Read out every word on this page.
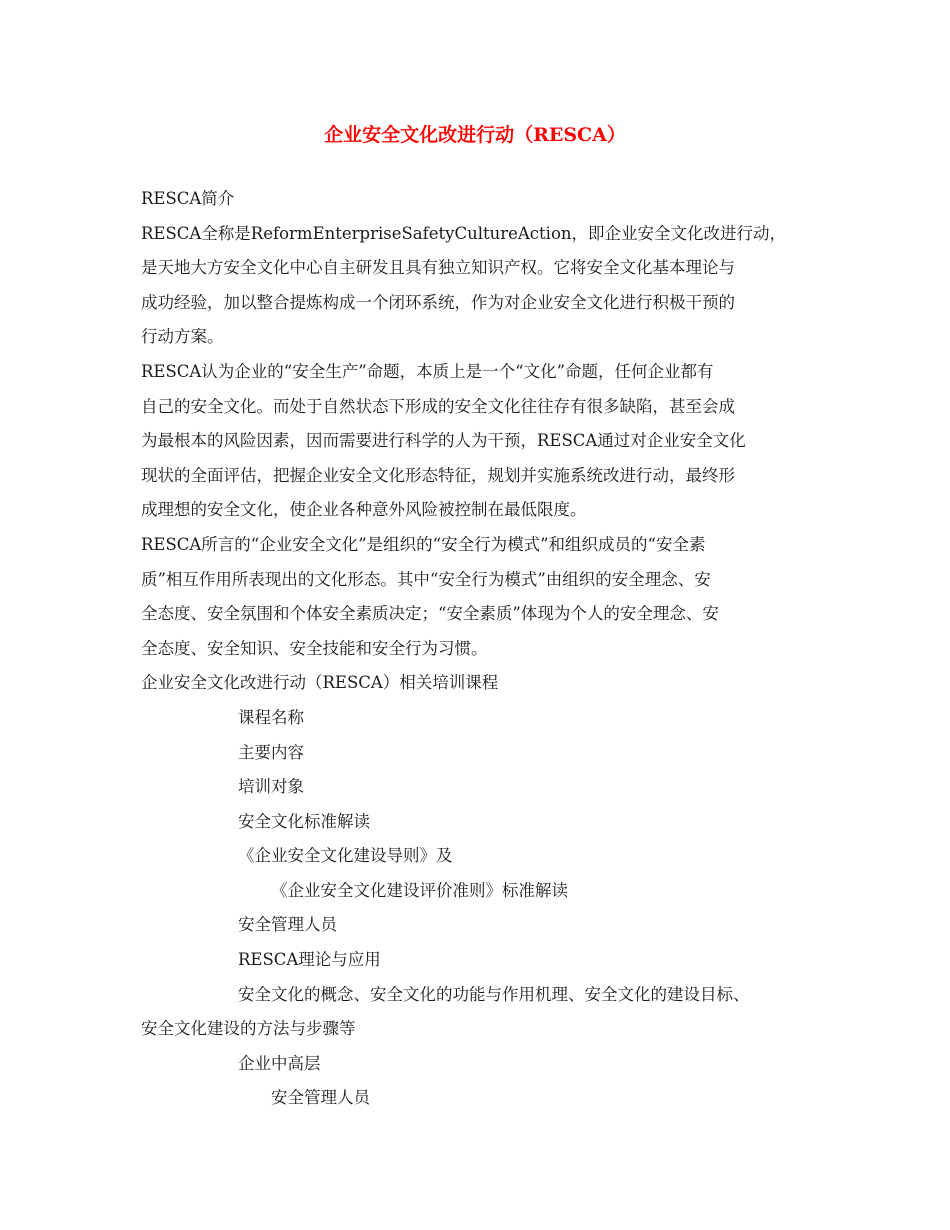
企业安全文化改进行动（RESCA）
RESCA简介
RESCA全称是ReformEnterpriseSafetyCultureAction，即企业安全文化改进行动，
是天地大方安全文化中心自主研发且具有独立知识产权。它将安全文化基本理论与
成功经验，加以整合提炼构成一个闭环系统，作为对企业安全文化进行积极干预的
行动方案。
RESCA认为企业的“安全生产”命题，本质上是一个“文化”命题，任何企业都有
自己的安全文化。而处于自然状态下形成的安全文化往往存有很多缺陷，甚至会成
为最根本的风险因素，因而需要进行科学的人为干预，RESCA通过对企业安全文化
现状的全面评估，把握企业安全文化形态特征，规划并实施系统改进行动，最终形
成理想的安全文化，使企业各种意外风险被控制在最低限度。
RESCA所言的“企业安全文化”是组织的“安全行为模式”和组织成员的“安全素
质”相互作用所表现出的文化形态。其中“安全行为模式”由组织的安全理念、安
全态度、安全氛围和个体安全素质决定；“安全素质”体现为个人的安全理念、安
全态度、安全知识、安全技能和安全行为习惯。
企业安全文化改进行动（RESCA）相关培训课程
课程名称
主要内容
培训对象
安全文化标准解读
《企业安全文化建设导则》及
《企业安全文化建设评价准则》标准解读
安全管理人员
RESCA理论与应用
安全文化的概念、安全文化的功能与作用机理、安全文化的建设目标、
安全文化建设的方法与步骤等
企业中高层
安全管理人员
